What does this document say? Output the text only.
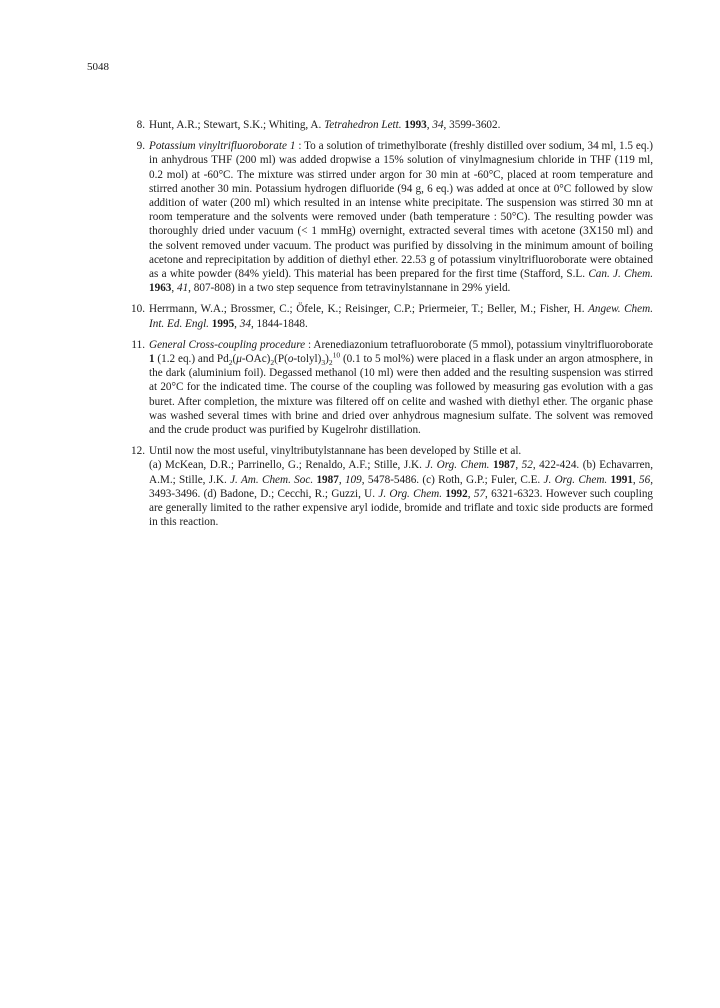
5048
8. Hunt, A.R.; Stewart, S.K.; Whiting, A. Tetrahedron Lett. 1993, 34, 3599-3602.
9. Potassium vinyltrifluoroborate 1 : To a solution of trimethylborate (freshly distilled over sodium, 34 ml, 1.5 eq.) in anhydrous THF (200 ml) was added dropwise a 15% solution of vinylmagnesium chloride in THF (119 ml, 0.2 mol) at -60°C. The mixture was stirred under argon for 30 min at -60°C, placed at room temperature and stirred another 30 min. Potassium hydrogen difluoride (94 g, 6 eq.) was added at once at 0°C followed by slow addition of water (200 ml) which resulted in an intense white precipitate. The suspension was stirred 30 mn at room temperature and the solvents were removed under (bath temperature : 50°C). The resulting powder was thoroughly dried under vacuum (< 1 mmHg) overnight, extracted several times with acetone (3X150 ml) and the solvent removed under vacuum. The product was purified by dissolving in the minimum amount of boiling acetone and reprecipitation by addition of diethyl ether. 22.53 g of potassium vinyltrifluoroborate were obtained as a white powder (84% yield). This material has been prepared for the first time (Stafford, S.L. Can. J. Chem. 1963, 41, 807-808) in a two step sequence from tetravinylstannane in 29% yield.
10. Herrmann, W.A.; Brossmer, C.; Öfele, K.; Reisinger, C.P.; Priermeier, T.; Beller, M.; Fisher, H. Angew. Chem. Int. Ed. Engl. 1995, 34, 1844-1848.
11. General Cross-coupling procedure : Arenediazonium tetrafluoroborate (5 mmol), potassium vinyltrifluoroborate 1 (1.2 eq.) and $Pd_2(\mu-OAc)_2(P(o-tolyl)_3)_2^{10}$ (0.1 to 5 mol%) were placed in a flask under an argon atmosphere, in the dark (aluminium foil). Degassed methanol (10 ml) were then added and the resulting suspension was stirred at 20°C for the indicated time. The course of the coupling was followed by measuring gas evolution with a gas buret. After completion, the mixture was filtered off on celite and washed with diethyl ether. The organic phase was washed several times with brine and dried over anhydrous magnesium sulfate. The solvent was removed and the crude product was purified by Kugelrohr distillation.
12. Until now the most useful, vinyltributylstannane has been developed by Stille et al.
(a) McKean, D.R.; Parrinello, G.; Renaldo, A.F.; Stille, J.K. J. Org. Chem. 1987, 52, 422-424. (b) Echavarren, A.M.; Stille, J.K. J. Am. Chem. Soc. 1987, 109, 5478-5486. (c) Roth, G.P.; Fuler, C.E. J. Org. Chem. 1991, 56, 3493-3496. (d) Badone, D.; Cecchi, R.; Guzzi, U. J. Org. Chem. 1992, 57, 6321-6323. However such coupling are generally limited to the rather expensive aryl iodide, bromide and triflate and toxic side products are formed in this reaction.
